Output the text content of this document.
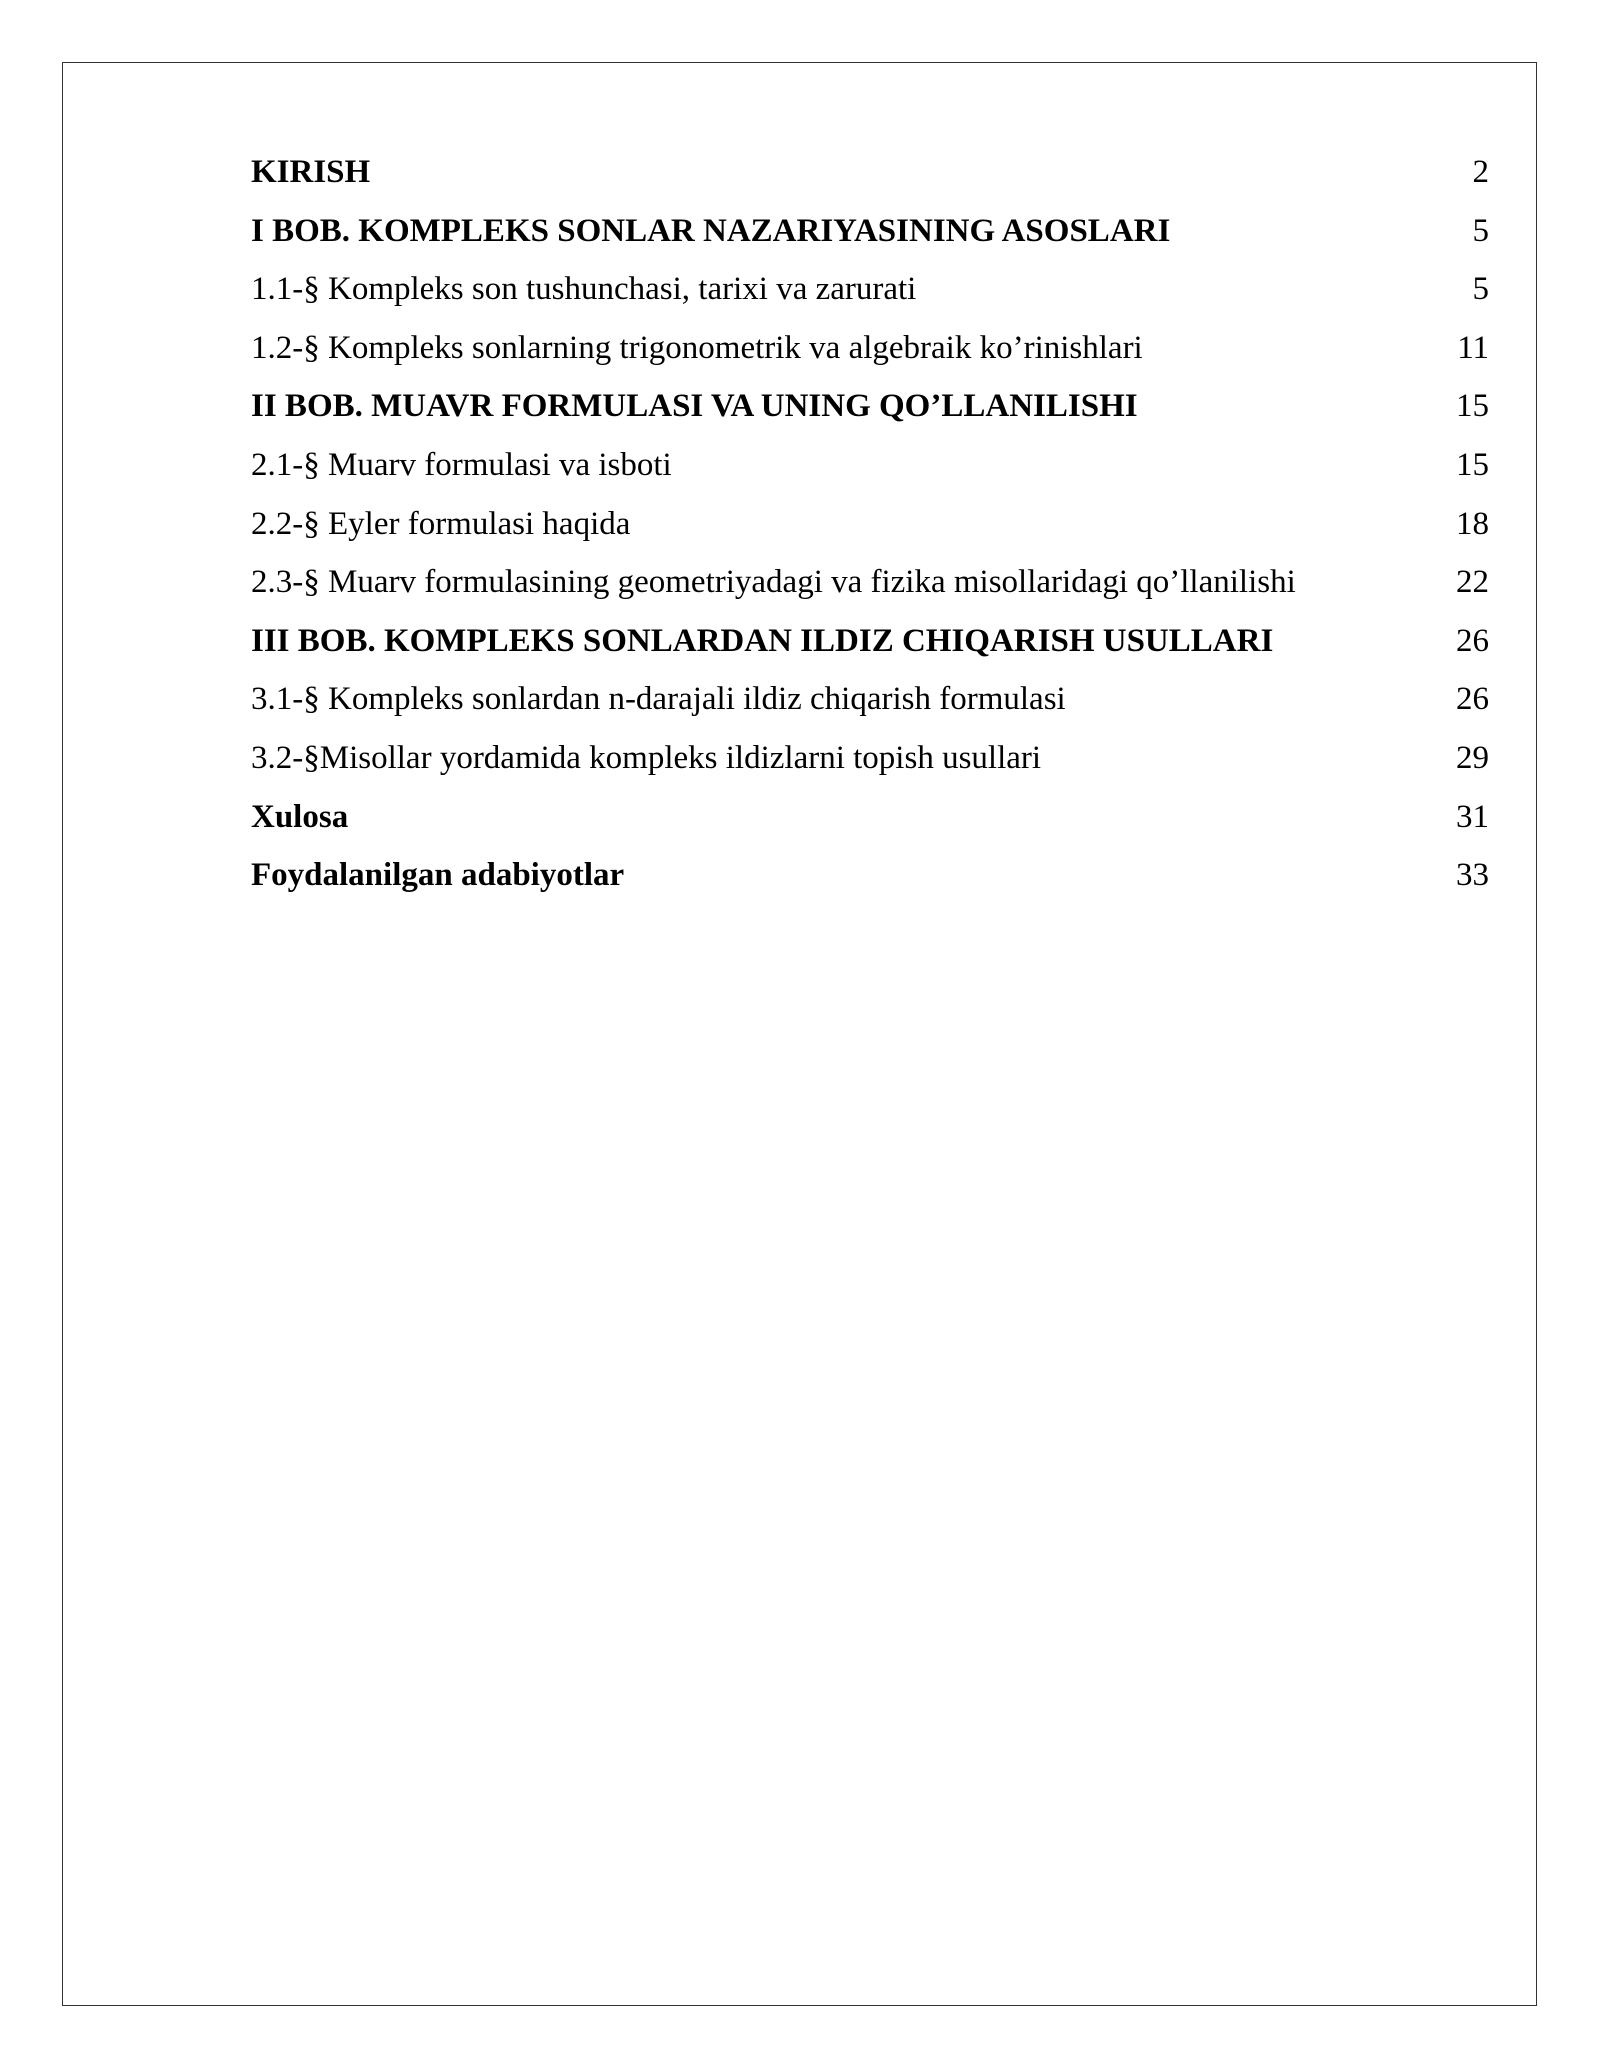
KIRISH	2
I BOB. KOMPLEKS SONLAR NAZARIYASINING ASOSLARI	5
1.1-§ Kompleks son tushunchasi, tarixi va zarurati	5
1.2-§ Kompleks sonlarning trigonometrik va algebraik ko’rinishlari	11
II BOB. MUAVR FORMULASI VA UNING QO’LLANILISHI	15
2.1-§ Muarv formulasi va isboti	15
2.2-§ Eyler formulasi haqida	18
2.3-§ Muarv formulasining geometriyadagi va fizika misollaridagi qo’llanilishi	22
III BOB. KOMPLEKS SONLARDAN ILDIZ CHIQARISH USULLARI	26
3.1-§ Kompleks sonlardan n-darajali ildiz chiqarish formulasi	26
3.2-§Misollar yordamida kompleks ildizlarni topish usullari	29
Xulosa	31
Foydalanilgan adabiyotlar	33
